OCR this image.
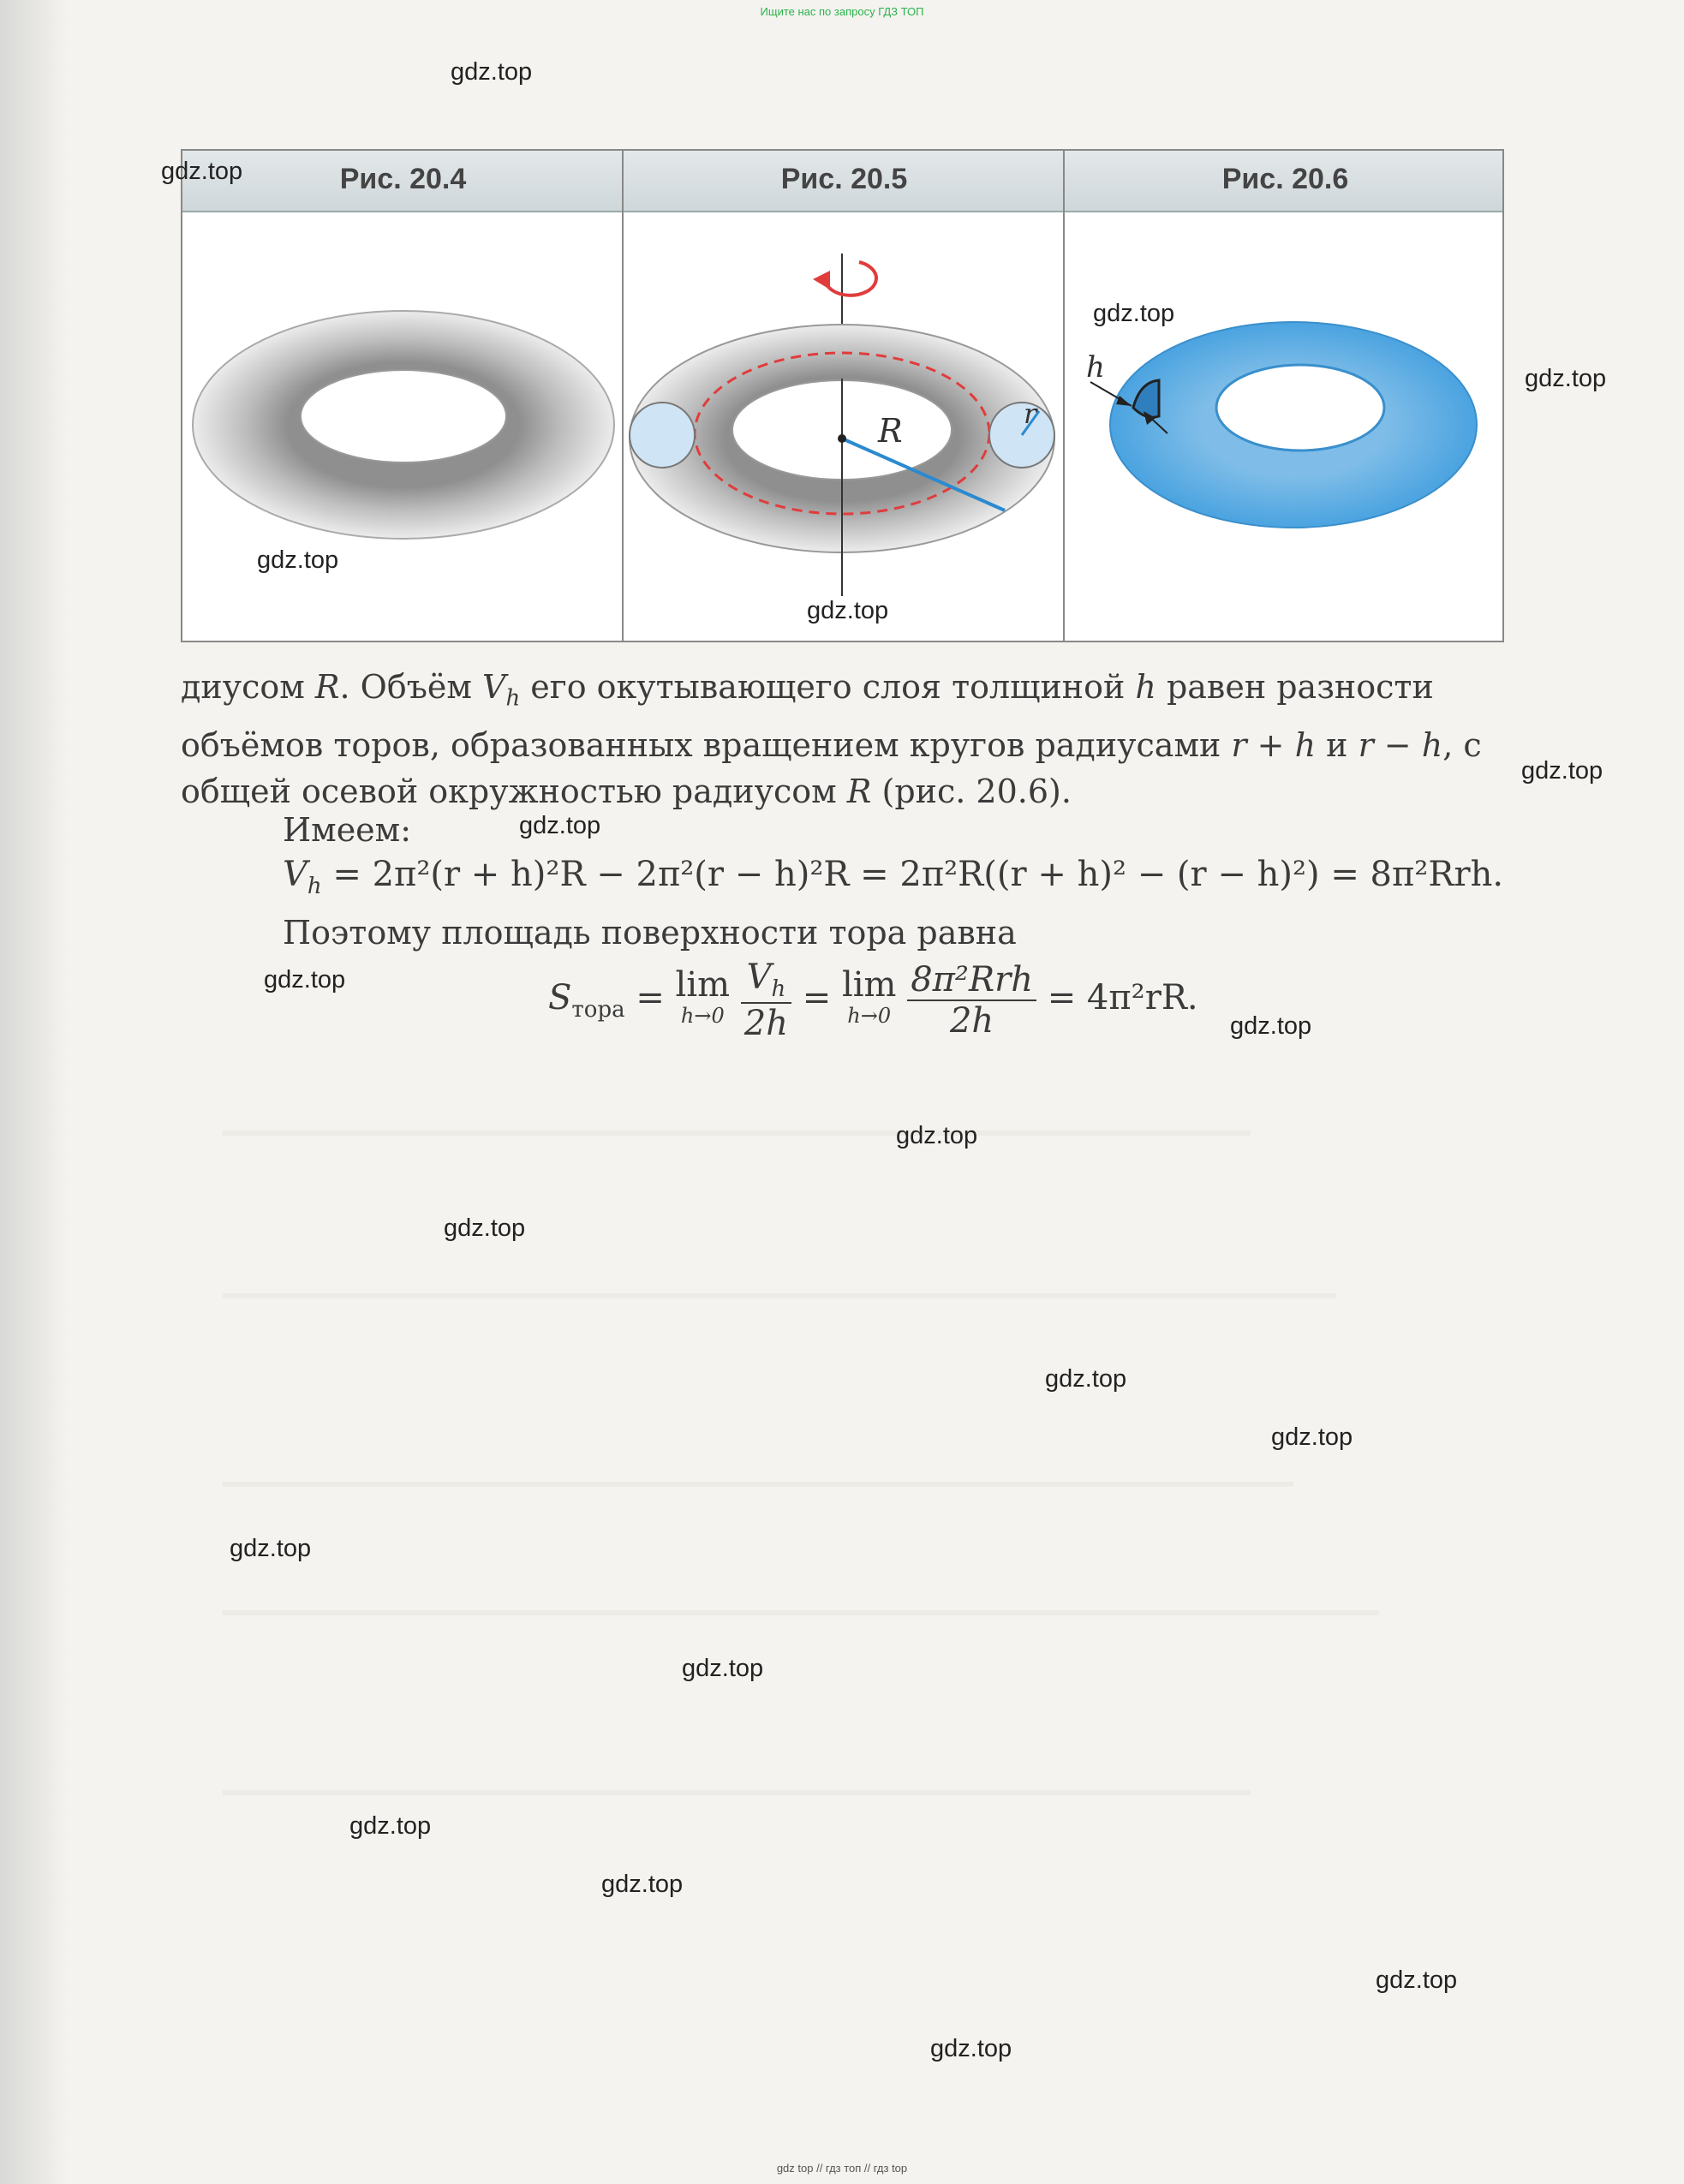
Ищите нас по запросу ГДЗ ТОП
Рис. 20.4	Рис. 20.5	Рис. 20.6
R	r
h
диусом R. Объём $V_h$ его окутывающего слоя толщиной h равен разности объёмов торов, образованных вращением кругов радиусами r + h и r − h, с общей осевой окружностью радиусом R (рис. 20.6).
Имеем:
$V_h = 2\pi^2(r + h)^2R - 2\pi^2(r - h)^2R = 2\pi^2R((r + h)^2 - (r - h)^2) = 8\pi^2Rrh$.
Поэтому площадь поверхности тора равна
$S_{тора} = \lim$
h→0
$\frac{V_h}{2h} = \lim$
h→0
$\frac{\text{8π²Rrh}}{2h} = 4\pi^2rR$.
gdz.top
gdz.top
gdz.top
gdz.top
gdz.top
gdz.top
gdz.top
gdz.top
gdz.top
gdz.top
gdz.top
gdz.top
gdz.top
gdz.top
gdz.top
gdz.top
gdz.top
gdz.top
gdz.top
gdz.top
gdz top // гдз топ // гдз top
